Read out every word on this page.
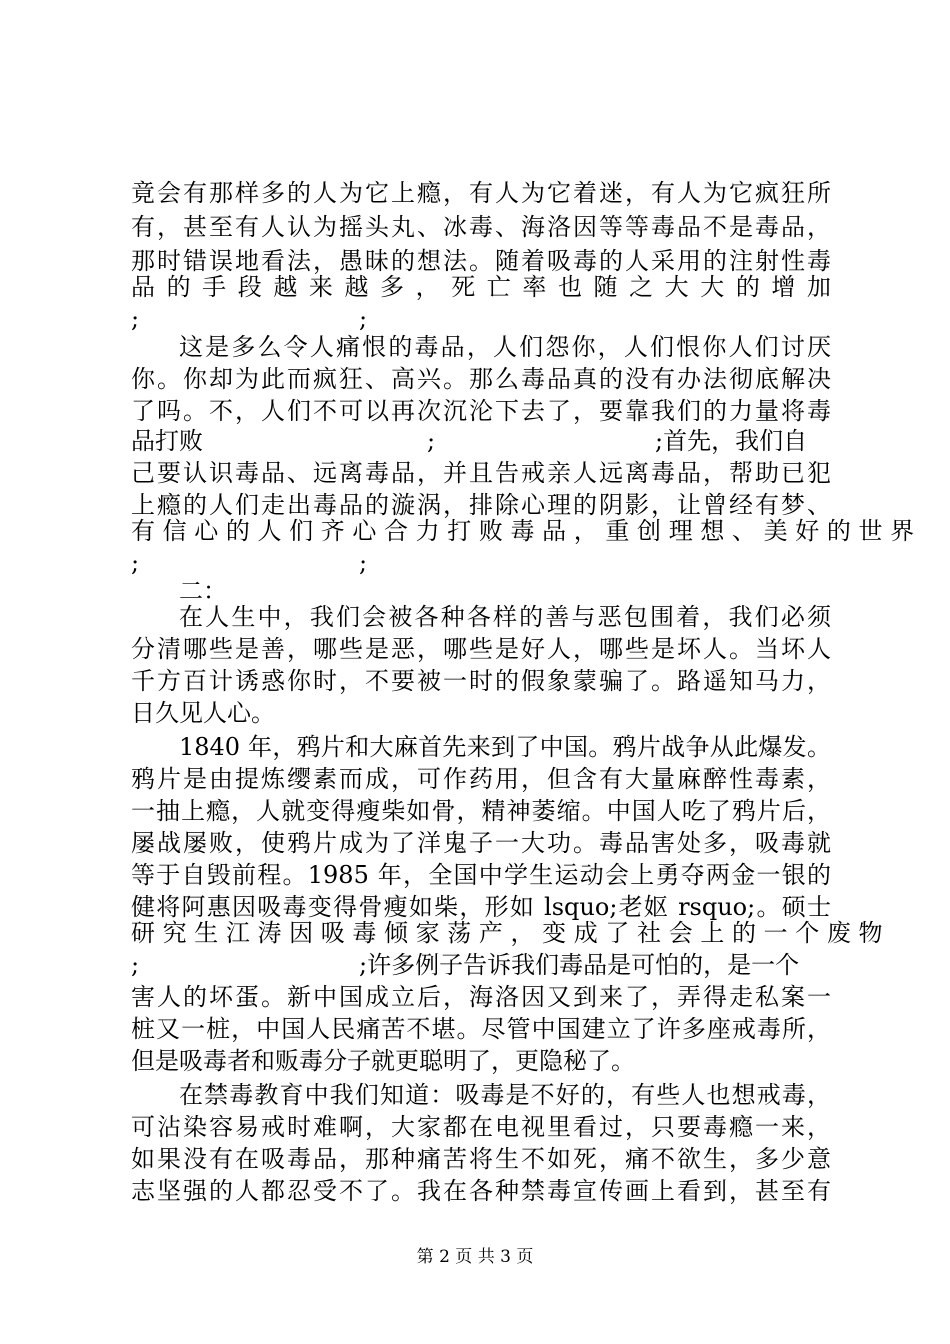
竟会有那样多的人为它上瘾，有人为它着迷，有人为它疯狂所
有，甚至有人认为摇头丸、冰毒、海洛因等等毒品不是毒品，
那时错误地看法，愚昧的想法。随着吸毒的人采用的注射性毒
品 的 手 段 越 来 越 多 ， 死 亡 率 也 随 之 大 大 的 增 加
;	;
这是多么令人痛恨的毒品，人们怨你，人们恨你人们讨厌
你。你却为此而疯狂、高兴。那么毒品真的没有办法彻底解决
了吗。不，人们不可以再次沉沦下去了，要靠我们的力量将毒
品打败	;	;首先，我们自
己要认识毒品、远离毒品，并且告戒亲人远离毒品，帮助已犯
上瘾的人们走出毒品的漩涡，排除心理的阴影，让曾经有梦、
有 信 心 的 人 们 齐 心 合 力 打 败 毒 品 ， 重 创 理 想 、 美 好 的 世 界
;	;
二：
在人生中，我们会被各种各样的善与恶包围着，我们必须
分清哪些是善，哪些是恶，哪些是好人，哪些是坏人。当坏人
千方百计诱惑你时，不要被一时的假象蒙骗了。路遥知马力，
日久见人心。
1840 年，鸦片和大麻首先来到了中国。鸦片战争从此爆发。
鸦片是由提炼缨素而成，可作药用，但含有大量麻醉性毒素，
一抽上瘾，人就变得瘦柴如骨，精神萎缩。中国人吃了鸦片后，
屡战屡败，使鸦片成为了洋鬼子一大功。毒品害处多，吸毒就
等于自毁前程。1985 年，全国中学生运动会上勇夺两金一银的
健将阿惠因吸毒变得骨瘦如柴，形如 lsquo;老妪 rsquo;。硕士
研 究 生 江 涛 因 吸 毒 倾 家 荡 产 ， 变 成 了 社 会 上 的 一 个 废 物
;	;许多例子告诉我们毒品是可怕的，是一个
害人的坏蛋。新中国成立后，海洛因又到来了，弄得走私案一
桩又一桩，中国人民痛苦不堪。尽管中国建立了许多座戒毒所，
但是吸毒者和贩毒分子就更聪明了，更隐秘了。
在禁毒教育中我们知道：吸毒是不好的，有些人也想戒毒，
可沾染容易戒时难啊，大家都在电视里看过，只要毒瘾一来，
如果没有在吸毒品，那种痛苦将生不如死，痛不欲生，多少意
志坚强的人都忍受不了。我在各种禁毒宣传画上看到，甚至有
第 2 页 共 3 页
